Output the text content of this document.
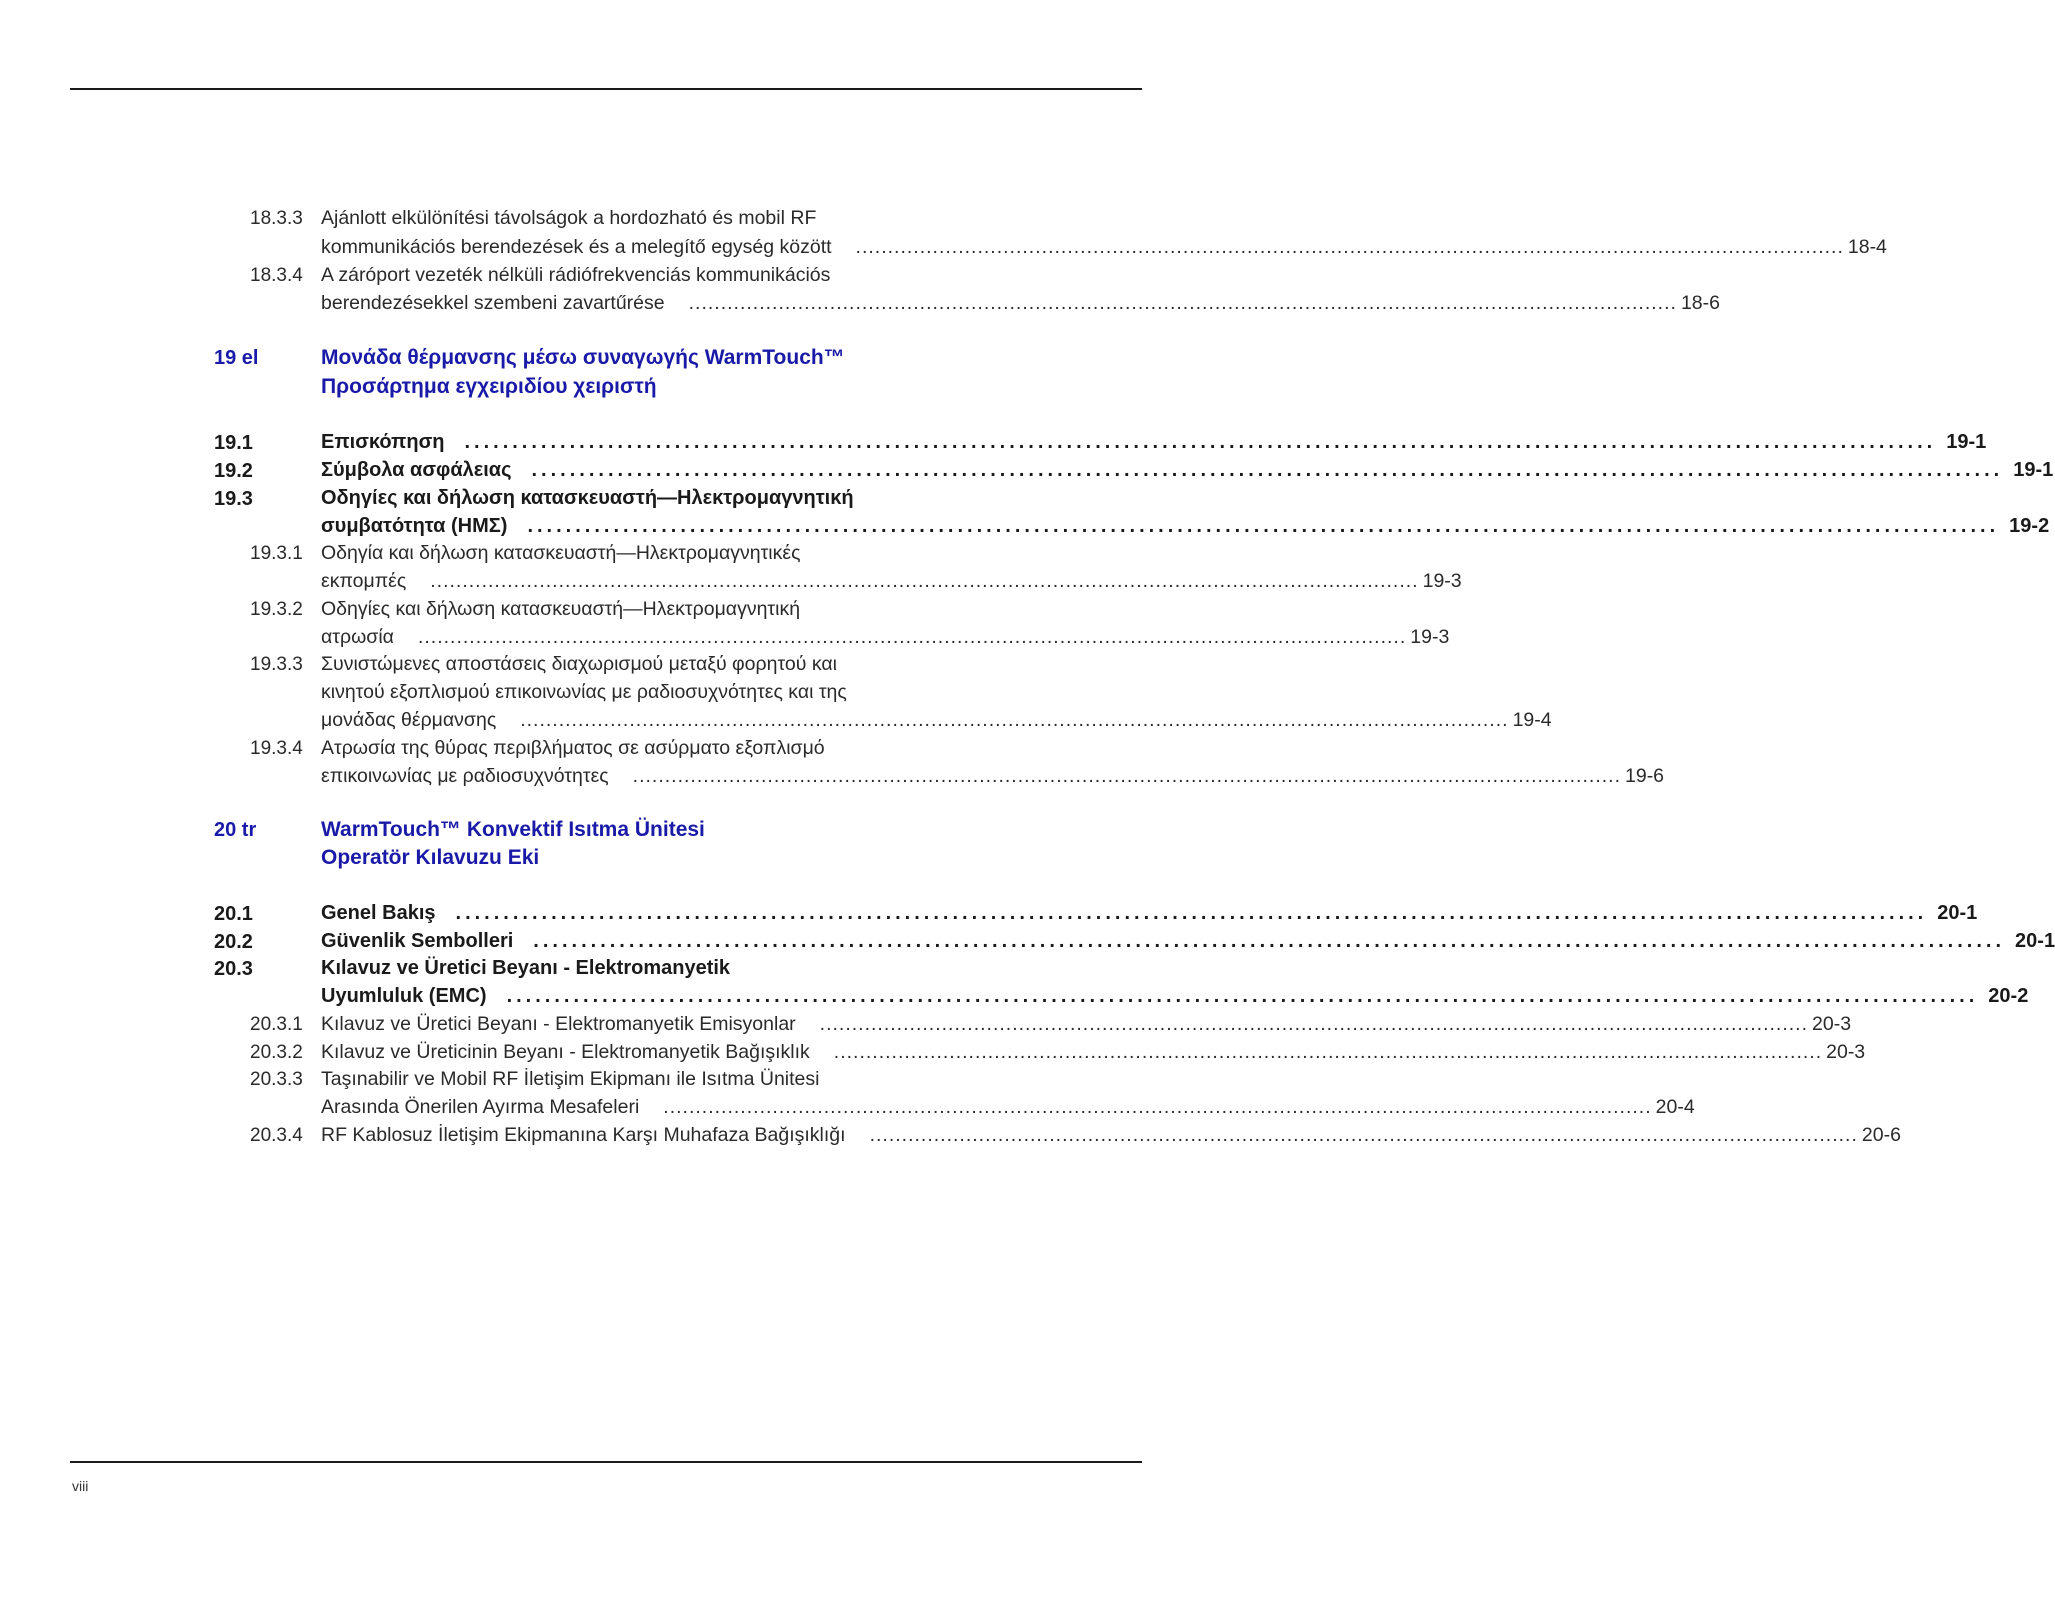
18.3.3 Ajánlott elkülönítési távolságok a hordozható és mobil RF
kommunikációs berendezések és a melegítő egység között .......................................................................................................................................................... 18-4
18.3.4 A záróport vezeték nélküli rádiófrekvenciás kommunikációs
berendezésekkel szembeni zavartűrése .......................................................................................................................................................... 18-6
19 el	Μονάδα θέρμανσης μέσω συναγωγής WarmTouch™
Προσάρτημα εγχειριδίου χειριστή
19.1	Επισκόπηση .......................................................................................................................................................... 19-1
19.2	Σύμβολα ασφάλειας .......................................................................................................................................................... 19-1
19.3	Οδηγίες και δήλωση κατασκευαστή—Ηλεκτρομαγνητική
συμβατότητα (ΗΜΣ) .......................................................................................................................................................... 19-2
19.3.1 Οδηγία και δήλωση κατασκευαστή—Ηλεκτρομαγνητικές
εκπομπές .......................................................................................................................................................... 19-3
19.3.2 Οδηγίες και δήλωση κατασκευαστή—Ηλεκτρομαγνητική
ατρωσία .......................................................................................................................................................... 19-3
19.3.3 Συνιστώμενες αποστάσεις διαχωρισμού μεταξύ φορητού και
κινητού εξοπλισμού επικοινωνίας με ραδιοσυχνότητες και της
μονάδας θέρμανσης .......................................................................................................................................................... 19-4
19.3.4 Ατρωσία της θύρας περιβλήματος σε ασύρματο εξοπλισμό
επικοινωνίας με ραδιοσυχνότητες .......................................................................................................................................................... 19-6
20 tr	WarmTouch™ Konvektif Isıtma Ünitesi
Operatör Kılavuzu Eki
20.1	Genel Bakış .......................................................................................................................................................... 20-1
20.2	Güvenlik Sembolleri .......................................................................................................................................................... 20-1
20.3	Kılavuz ve Üretici Beyanı - Elektromanyetik
Uyumluluk (EMC) .......................................................................................................................................................... 20-2
20.3.1 Kılavuz ve Üretici Beyanı - Elektromanyetik Emisyonlar .......................................................................................................................................................... 20-3
20.3.2 Kılavuz ve Üreticinin Beyanı - Elektromanyetik Bağışıklık .......................................................................................................................................................... 20-3
20.3.3 Taşınabilir ve Mobil RF İletişim Ekipmanı ile Isıtma Ünitesi
Arasında Önerilen Ayırma Mesafeleri .......................................................................................................................................................... 20-4
20.3.4 RF Kablosuz İletişim Ekipmanına Karşı Muhafaza Bağışıklığı .......................................................................................................................................................... 20-6
viii
